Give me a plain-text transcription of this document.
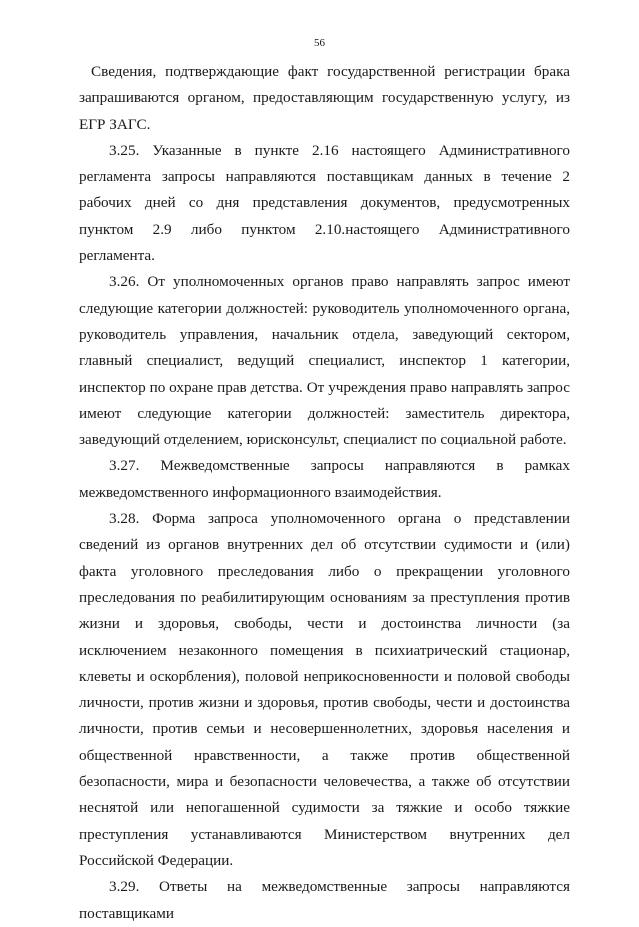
56

Сведения, подтверждающие факт государственной регистрации брака запрашиваются органом, предоставляющим государственную услугу, из ЕГР ЗАГС.

3.25. Указанные в пункте 2.16 настоящего Административного регламента запросы направляются поставщикам данных в течение 2 рабочих дней со дня представления документов, предусмотренных пунктом 2.9 либо пунктом 2.10.настоящего Административного регламента.

3.26. От уполномоченных органов право направлять запрос имеют следующие категории должностей: руководитель уполномоченного органа, руководитель управления, начальник отдела, заведующий сектором, главный специалист, ведущий специалист, инспектор 1 категории, инспектор по охране прав детства. От учреждения право направлять запрос имеют следующие категории должностей: заместитель директора, заведующий отделением, юрисконсульт, специалист по социальной работе.

3.27. Межведомственные запросы направляются в рамках межведомственного информационного взаимодействия.

3.28. Форма запроса уполномоченного органа о представлении сведений из органов внутренних дел об отсутствии судимости и (или) факта уголовного преследования либо о прекращении уголовного преследования по реабилитирующим основаниям за преступления против жизни и здоровья, свободы, чести и достоинства личности (за исключением незаконного помещения в психиатрический стационар, клеветы и оскорбления), половой неприкосновенности и половой свободы личности, против жизни и здоровья, против свободы, чести и достоинства личности, против семьи и несовершеннолетних, здоровья населения и общественной нравственности, а также против общественной безопасности, мира и безопасности человечества, а также об отсутствии неснятой или непогашенной судимости за тяжкие и особо тяжкие преступления устанавливаются Министерством внутренних дел Российской Федерации.

3.29. Ответы на межведомственные запросы направляются поставщиками
